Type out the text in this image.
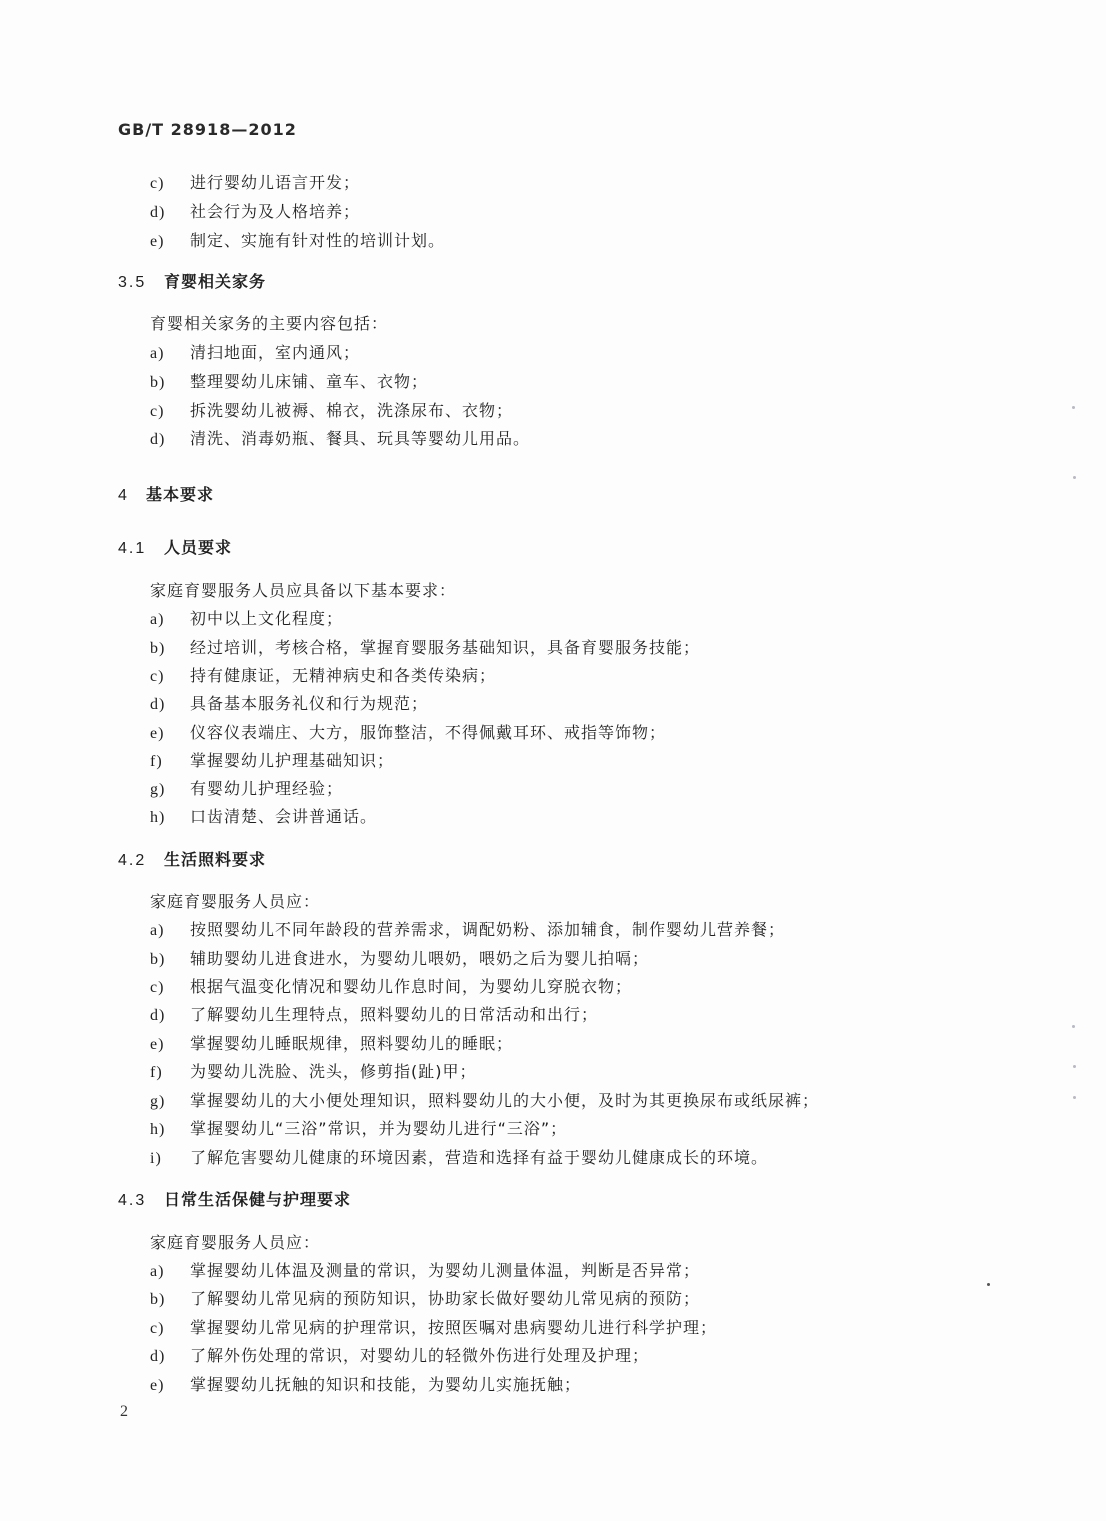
GB/T 28918—2012
c) 进行婴幼儿语言开发；
d) 社会行为及人格培养；
e) 制定、实施有针对性的培训计划。
3.5 育婴相关家务
育婴相关家务的主要内容包括：
a) 清扫地面，室内通风；
b) 整理婴幼儿床铺、童车、衣物；
c) 拆洗婴幼儿被褥、棉衣，洗涤尿布、衣物；
d) 清洗、消毒奶瓶、餐具、玩具等婴幼儿用品。
4 基本要求
4.1 人员要求
家庭育婴服务人员应具备以下基本要求：
a) 初中以上文化程度；
b) 经过培训，考核合格，掌握育婴服务基础知识，具备育婴服务技能；
c) 持有健康证，无精神病史和各类传染病；
d) 具备基本服务礼仪和行为规范；
e) 仪容仪表端庄、大方，服饰整洁，不得佩戴耳环、戒指等饰物；
f) 掌握婴幼儿护理基础知识；
g) 有婴幼儿护理经验；
h) 口齿清楚、会讲普通话。
4.2 生活照料要求
家庭育婴服务人员应：
a) 按照婴幼儿不同年龄段的营养需求，调配奶粉、添加辅食，制作婴幼儿营养餐；
b) 辅助婴幼儿进食进水，为婴幼儿喂奶，喂奶之后为婴儿拍嗝；
c) 根据气温变化情况和婴幼儿作息时间，为婴幼儿穿脱衣物；
d) 了解婴幼儿生理特点，照料婴幼儿的日常活动和出行；
e) 掌握婴幼儿睡眠规律，照料婴幼儿的睡眠；
f) 为婴幼儿洗脸、洗头，修剪指(趾)甲；
g) 掌握婴幼儿的大小便处理知识，照料婴幼儿的大小便，及时为其更换尿布或纸尿裤；
h) 掌握婴幼儿“三浴”常识，并为婴幼儿进行“三浴”；
i) 了解危害婴幼儿健康的环境因素，营造和选择有益于婴幼儿健康成长的环境。
4.3 日常生活保健与护理要求
家庭育婴服务人员应：
a) 掌握婴幼儿体温及测量的常识，为婴幼儿测量体温，判断是否异常；
b) 了解婴幼儿常见病的预防知识，协助家长做好婴幼儿常见病的预防；
c) 掌握婴幼儿常见病的护理常识，按照医嘱对患病婴幼儿进行科学护理；
d) 了解外伤处理的常识，对婴幼儿的轻微外伤进行处理及护理；
e) 掌握婴幼儿抚触的知识和技能，为婴幼儿实施抚触；
2
